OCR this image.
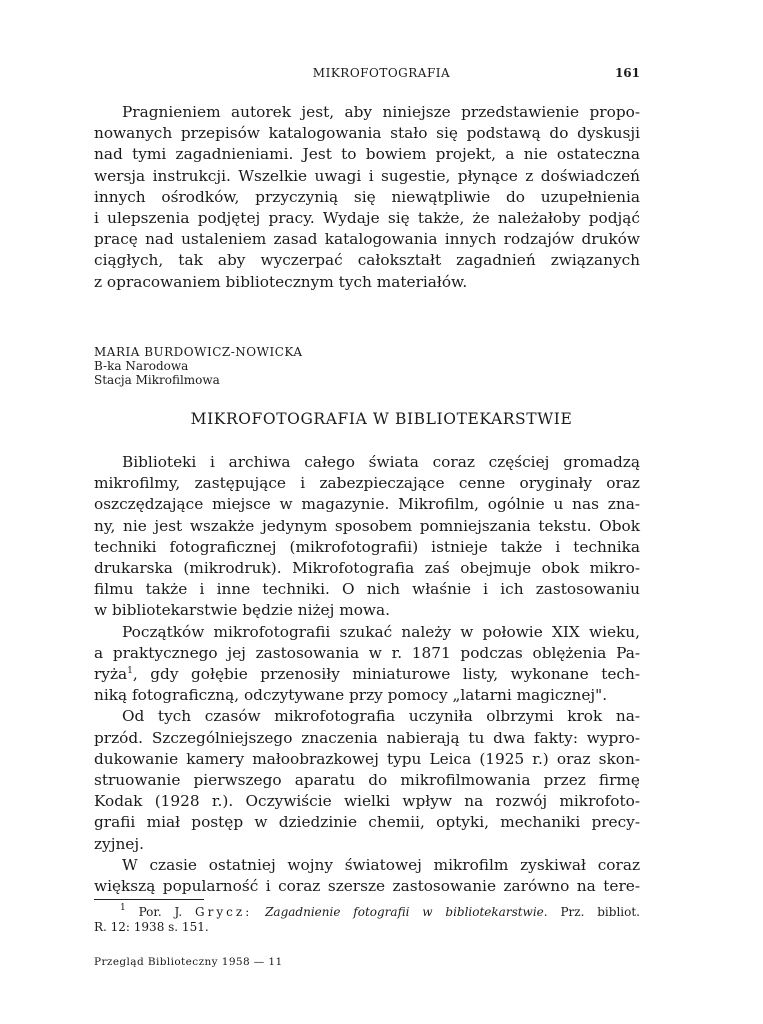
MIKROFOTOGRAFIA	161

Pragnieniem autorek jest, aby niniejsze przedstawienie propo-
nowanych przepisów katalogowania stało się podstawą do dyskusji
nad tymi zagadnieniami. Jest to bowiem projekt, a nie ostateczna
wersja instrukcji. Wszelkie uwagi i sugestie, płynące z doświadczeń
innych ośrodków, przyczynią się niewątpliwie do uzupełnienia
i ulepszenia podjętej pracy. Wydaje się także, że należałoby podjąć
pracę nad ustaleniem zasad katalogowania innych rodzajów druków
ciągłych, tak aby wyczerpać całokształt zagadnień związanych
z opracowaniem bibliotecznym tych materiałów.

MARIA BURDOWICZ-NOWICKA
B-ka Narodowa
Stacja Mikrofilmowa
MIKROFOTOGRAFIA W BIBLIOTEKARSTWIE

Biblioteki i archiwa całego świata coraz częściej gromadzą
mikrofilmy, zastępujące i zabezpieczające cenne oryginały oraz
oszczędzające miejsce w magazynie. Mikrofilm, ogólnie u nas zna-
ny, nie jest wszakże jedynym sposobem pomniejszania tekstu. Obok
techniki fotograficznej (mikrofotografii) istnieje także i technika
drukarska (mikrodruk). Mikrofotografia zaś obejmuje obok mikro-
filmu także i inne techniki. O nich właśnie i ich zastosowaniu
w bibliotekarstwie będzie niżej mowa.

Początków mikrofotografii szukać należy w połowie XIX wieku,
a praktycznego jej zastosowania w r. 1871 podczas oblężenia Pa-
ryża$^1$, gdy gołębie przenosiły miniaturowe listy, wykonane tech-
niką fotograficzną, odczytywane przy pomocy „latarni magicznej".

Od tych czasów mikrofotografia uczyniła olbrzymi krok na-
przód. Szczególniejszego znaczenia nabierają tu dwa fakty: wypro-
dukowanie kamery małoobrazkowej typu Leica (1925 r.) oraz skon-
struowanie pierwszego aparatu do mikrofilmowania przez firmę
Kodak (1928 r.). Oczywiście wielki wpływ na rozwój mikrofoto-
grafii miał postęp w dziedzinie chemii, optyki, mechaniki precy-
zyjnej.

W czasie ostatniej wojny światowej mikrofilm zyskiwał coraz
większą popularność i coraz szersze zastosowanie zarówno na tere-

$^1$ Por. J. Grycz: Zagadnienie fotografii w bibliotekarstwie. Prz. bibliot.
R. 12: 1938 s. 151.
Przegląd Biblioteczny 1958 — 11
